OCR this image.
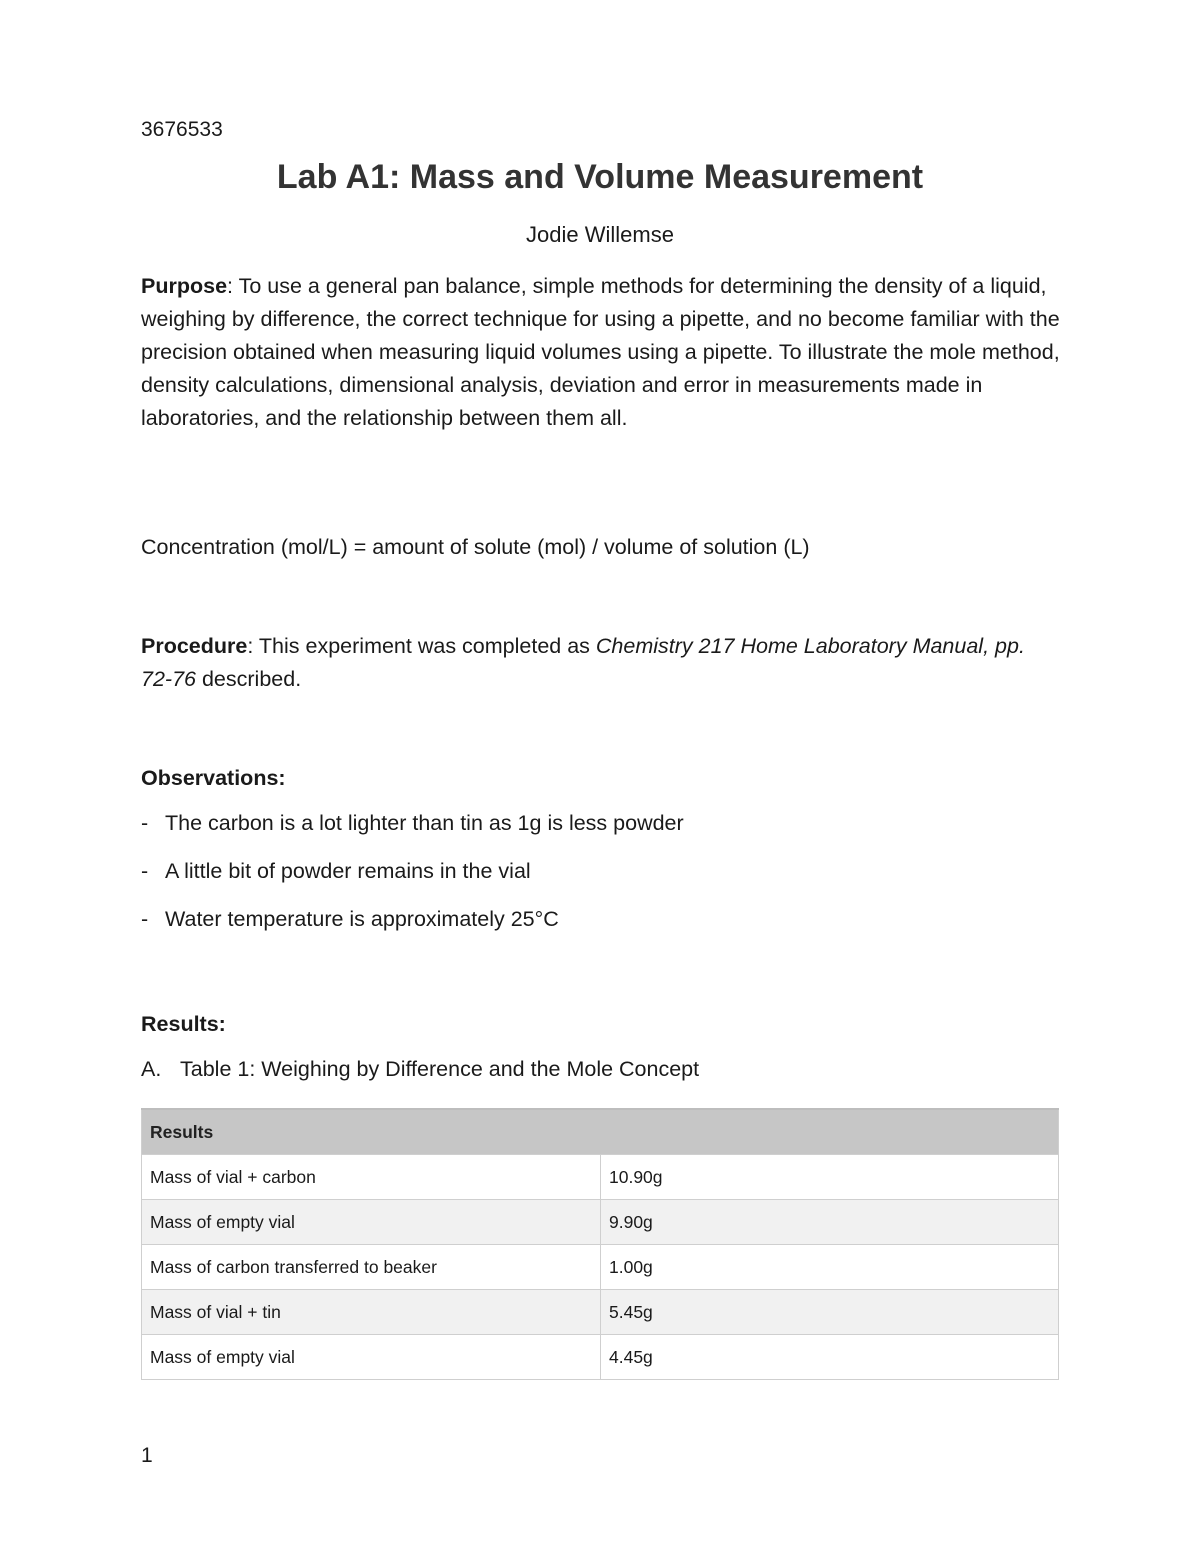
3676533
Lab A1: Mass and Volume Measurement
Jodie Willemse

Purpose: To use a general pan balance, simple methods for determining the density of a liquid, weighing by difference, the correct technique for using a pipette, and no become familiar with the precision obtained when measuring liquid volumes using a pipette. To illustrate the mole method, density calculations, dimensional analysis, deviation and error in measurements made in laboratories, and the relationship between them all.

Concentration (mol/L) = amount of solute (mol) / volume of solution (L)

Procedure: This experiment was completed as Chemistry 217 Home Laboratory Manual, pp. 72-76 described.

Observations:

- The carbon is a lot lighter than tin as 1g is less powder
- A little bit of powder remains in the vial
- Water temperature is approximately 25°C

Results:

A. Table 1: Weighing by Difference and the Mole Concept
Results	
Mass of vial + carbon	10.90g
Mass of empty vial	9.90g
Mass of carbon transferred to beaker	1.00g
Mass of vial + tin	5.45g
Mass of empty vial	4.45g
1
